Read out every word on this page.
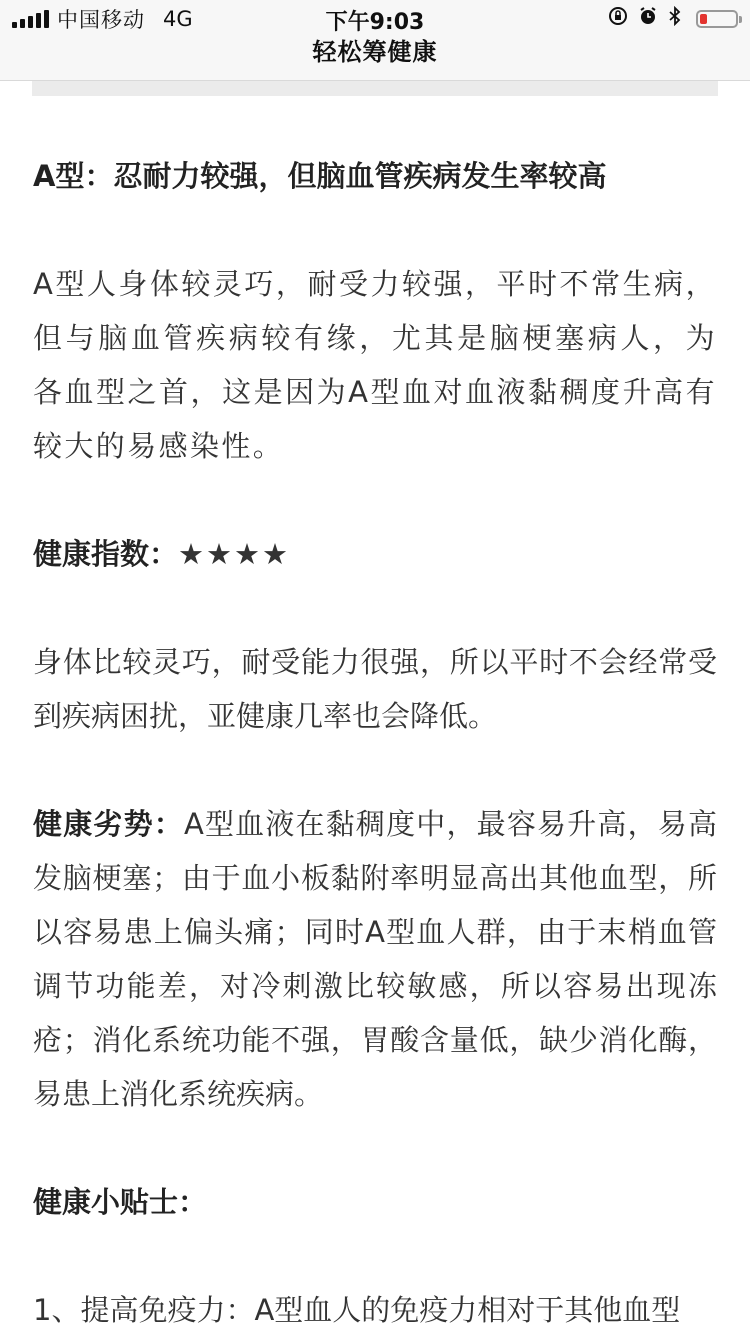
中国移动 4G	下午9:03
轻松筹健康

A型：忍耐力较强，但脑血管疾病发生率较高

A型人身体较灵巧，耐受力较强，平时不常生病，但与脑血管疾病较有缘，尤其是脑梗塞病人，为各血型之首，这是因为A型血对血液黏稠度升高有较大的易感染性。

健康指数：★★★★

身体比较灵巧，耐受能力很强，所以平时不会经常受到疾病困扰，亚健康几率也会降低。

健康劣势：A型血液在黏稠度中，最容易升高，易高发脑梗塞；由于血小板黏附率明显高出其他血型，所以容易患上偏头痛；同时A型血人群，由于末梢血管调节功能差，对冷刺激比较敏感，所以容易出现冻疮；消化系统功能不强，胃酸含量低，缺少消化酶，易患上消化系统疾病。

健康小贴士：

1、提高免疫力：A型血人的免疫力相对于其他血型
